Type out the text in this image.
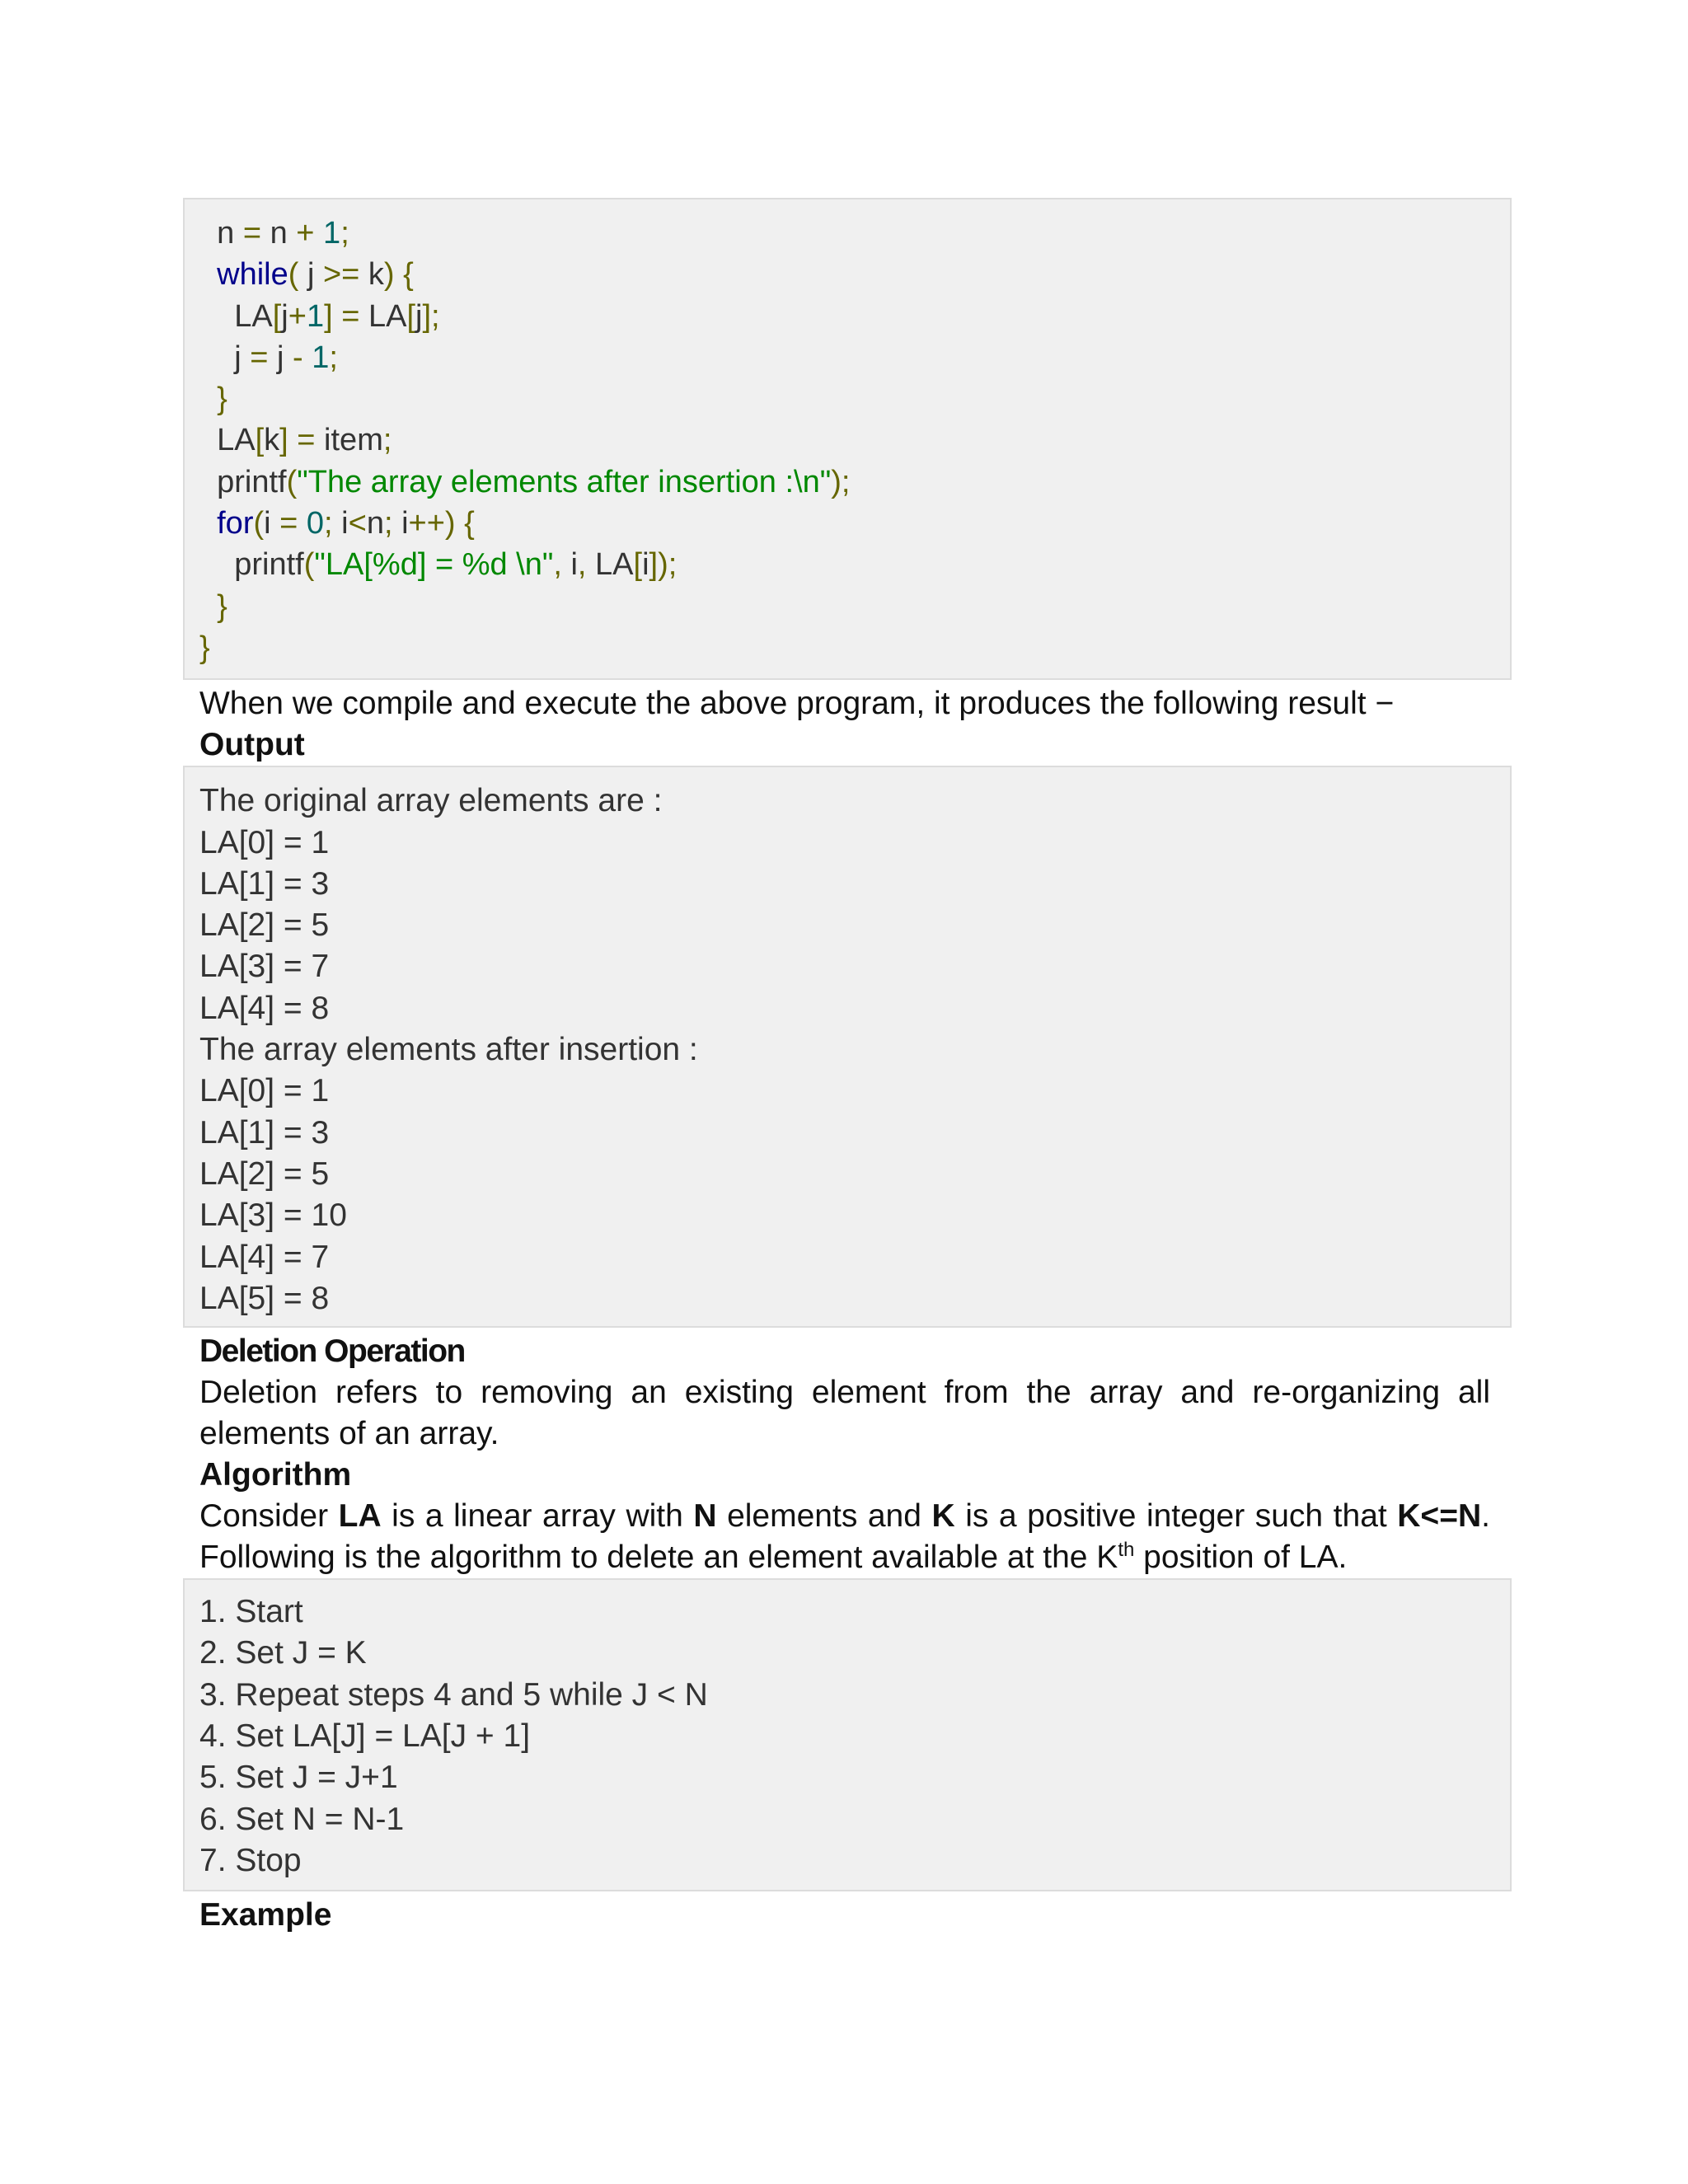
n = n + 1;
while( j >= k) {
LA[j+1] = LA[j];
j = j - 1;
}
LA[k] = item;
printf("The array elements after insertion :\n");
for(i = 0; i<n; i++) {
printf("LA[%d] = %d \n", i, LA[i]);
}
}
When we compile and execute the above program, it produces the following result −
Output
The original array elements are :
LA[0] = 1
LA[1] = 3
LA[2] = 5
LA[3] = 7
LA[4] = 8
The array elements after insertion :
LA[0] = 1
LA[1] = 3
LA[2] = 5
LA[3] = 10
LA[4] = 7
LA[5] = 8
Deletion Operation
Deletion refers to removing an existing element from the array and re-organizing all elements of an array.
Algorithm
Consider LA is a linear array with N elements and K is a positive integer such that K<=N. Following is the algorithm to delete an element available at the $K^{th}$ position of LA.
1. Start
2. Set J = K
3. Repeat steps 4 and 5 while J < N
4. Set LA[J] = LA[J + 1]
5. Set J = J+1
6. Set N = N-1
7. Stop
Example
